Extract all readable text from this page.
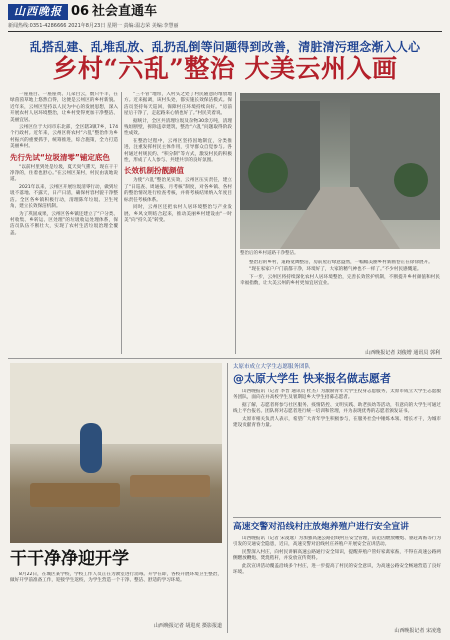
山西晚报 06 社会直通车
新闻热线:0351-4286666 2021年8月23日 星期一 责编:温志荣 美编:李慧丽
乱搭乱建、乱堆乱放、乱扔乱倒等问题得到改善，清脏清污理念渐入人心
乡村“六乱”整治 大美云州入画

一座座白、一座座黄、几朵白云，数只牛羊，在绿茵茵草地上悠然自得，这便是云州区的乡村新貌。近年来，云州区坚持以人民为中心的发展思想，深入开展农村人居环境整治，让乡村变得更加干净整洁、美丽宜居。

云州区位于大同市东北部，全区辖3镇7乡，174个行政村。近年来，云州区将农村“六乱”整治作为乡村振兴的重要抓手，统筹推进，综合施策，全力打造美丽乡村。

先行先试“垃圾清零”铺定底色

“以前村里到处是垃圾，夏天臭气熏天，现在干干净净的，住着也舒心。”在云州区某村，村民由衷地说道。

2021年以来，云州区开展垃圾清零行动，做到垃圾不落地、不露天，日产日清，确保村容村貌干净整洁。全区各乡镇积极行动，清理陈年垃圾、卫生死角，建立长效保洁机制。

为了巩固成果，云州区各乡镇还建立了“户分类、村收集、乡转运、区处理”的垃圾收运处理体系，保洁员队伍不断壮大，实现了农村生活垃圾治理全覆盖。

“三不管”地带，入村头之处了村民随意的堆放地方。近来据调，该村头处，都实施长效保洁模式。保洁员坚持每天巡回，保障村庄环境持续向好。“房前屋后干净了，走起路来心情也好了。”村民笑着说。

据统计，全区共清理垃圾及杂物30余万吨，清理残垣断壁，拆除违章建筑，整治“六乱”问题取得阶段性成效。

在整治过程中，云州区坚持因地制宜，分类推进，注重发挥村民主体作用，引导群众自觉参与。各村通过村规民约、“积分制”等方式，激发村民的积极性，形成了人人参与、共建共享的良好氛围。

长效机制扮靓颜值

为使“六乱”整治见实效，云州区压实责任，建立了“日巡查、周通报、月考核”制度，对各乡镇、各村的整治情况进行检查考核，并将考核结果纳入年度目标责任考核体系。

同时，云州区还把农村人居环境整治与产业发展、乡风文明结合起来，推动美丽乡村建设由“一时美”向“持久美”转变。

整治后的乡村道路干净整洁。

整治后的乡村，道路宽阔整洁，房前屋后绿意盎然，一幅幅美丽乡村新画卷正在徐徐展开。

“现在家家户户门前都干净，环境好了，大家的精气神也不一样了。”不少村民感慨道。

下一步，云州区将持续深化农村人居环境整治，完善长效管护机制，不断提升乡村颜值和村民幸福指数，让大美云州的乡村更加宜居宜业。

山西晚报记者 刘俊增 通讯员 郭利
干干净净迎开学

8月22日，在城区某学校，学校工作人员正在为教室进行消毒。开学在即，各校开展环境卫生整治，做好开学前准备工作，迎接学生返校，为学生营造一个干净、整洁、舒适的学习环境。

山西晚报记者 胡进虎 摄影报道
太原市成立大学生志愿服务团队
@太原大学生 快来报名做志愿者

山西晚报讯（记者 李晋 通讯员 杜杰）为激励青年大学生投身志愿服务，太原市成立大学生志愿服务团队，面向在并高校学生及暑期返乡大学生招募志愿者。

据了解，志愿者将参与社区服务、疫情防控、文明实践、助老扶幼等活动，有意向的大学生可通过线上平台报名。团队将对志愿者进行统一培训和管理，并为表现优秀的志愿者颁发证书。

太原市相关负责人表示，希望广大青年学生积极参与，在服务社会中锤炼本领、增长才干，为城市建设贡献青春力量。

高速交警对沿线村庄放炮养殖户进行安全宣讲

山西晚报讯（记者 宋凌逸）为加强高速公路沿线村庄安全管理，防范因燃放鞭炮、驱赶禽畜等行为引发的交通安全隐患，近日，高速交警对沿线村庄养殖户开展安全宣讲活动。

民警深入村庄，向村民讲解高速公路通行安全知识，提醒养殖户管好家禽家畜，不得在高速公路两侧燃放鞭炮、焚烧秸秆，并发放宣传资料。

此次宣讲活动覆盖沿线多个村庄，进一步提高了村民的安全意识，为高速公路安全畅通营造了良好环境。

山西晚报记者 宋凌逸
